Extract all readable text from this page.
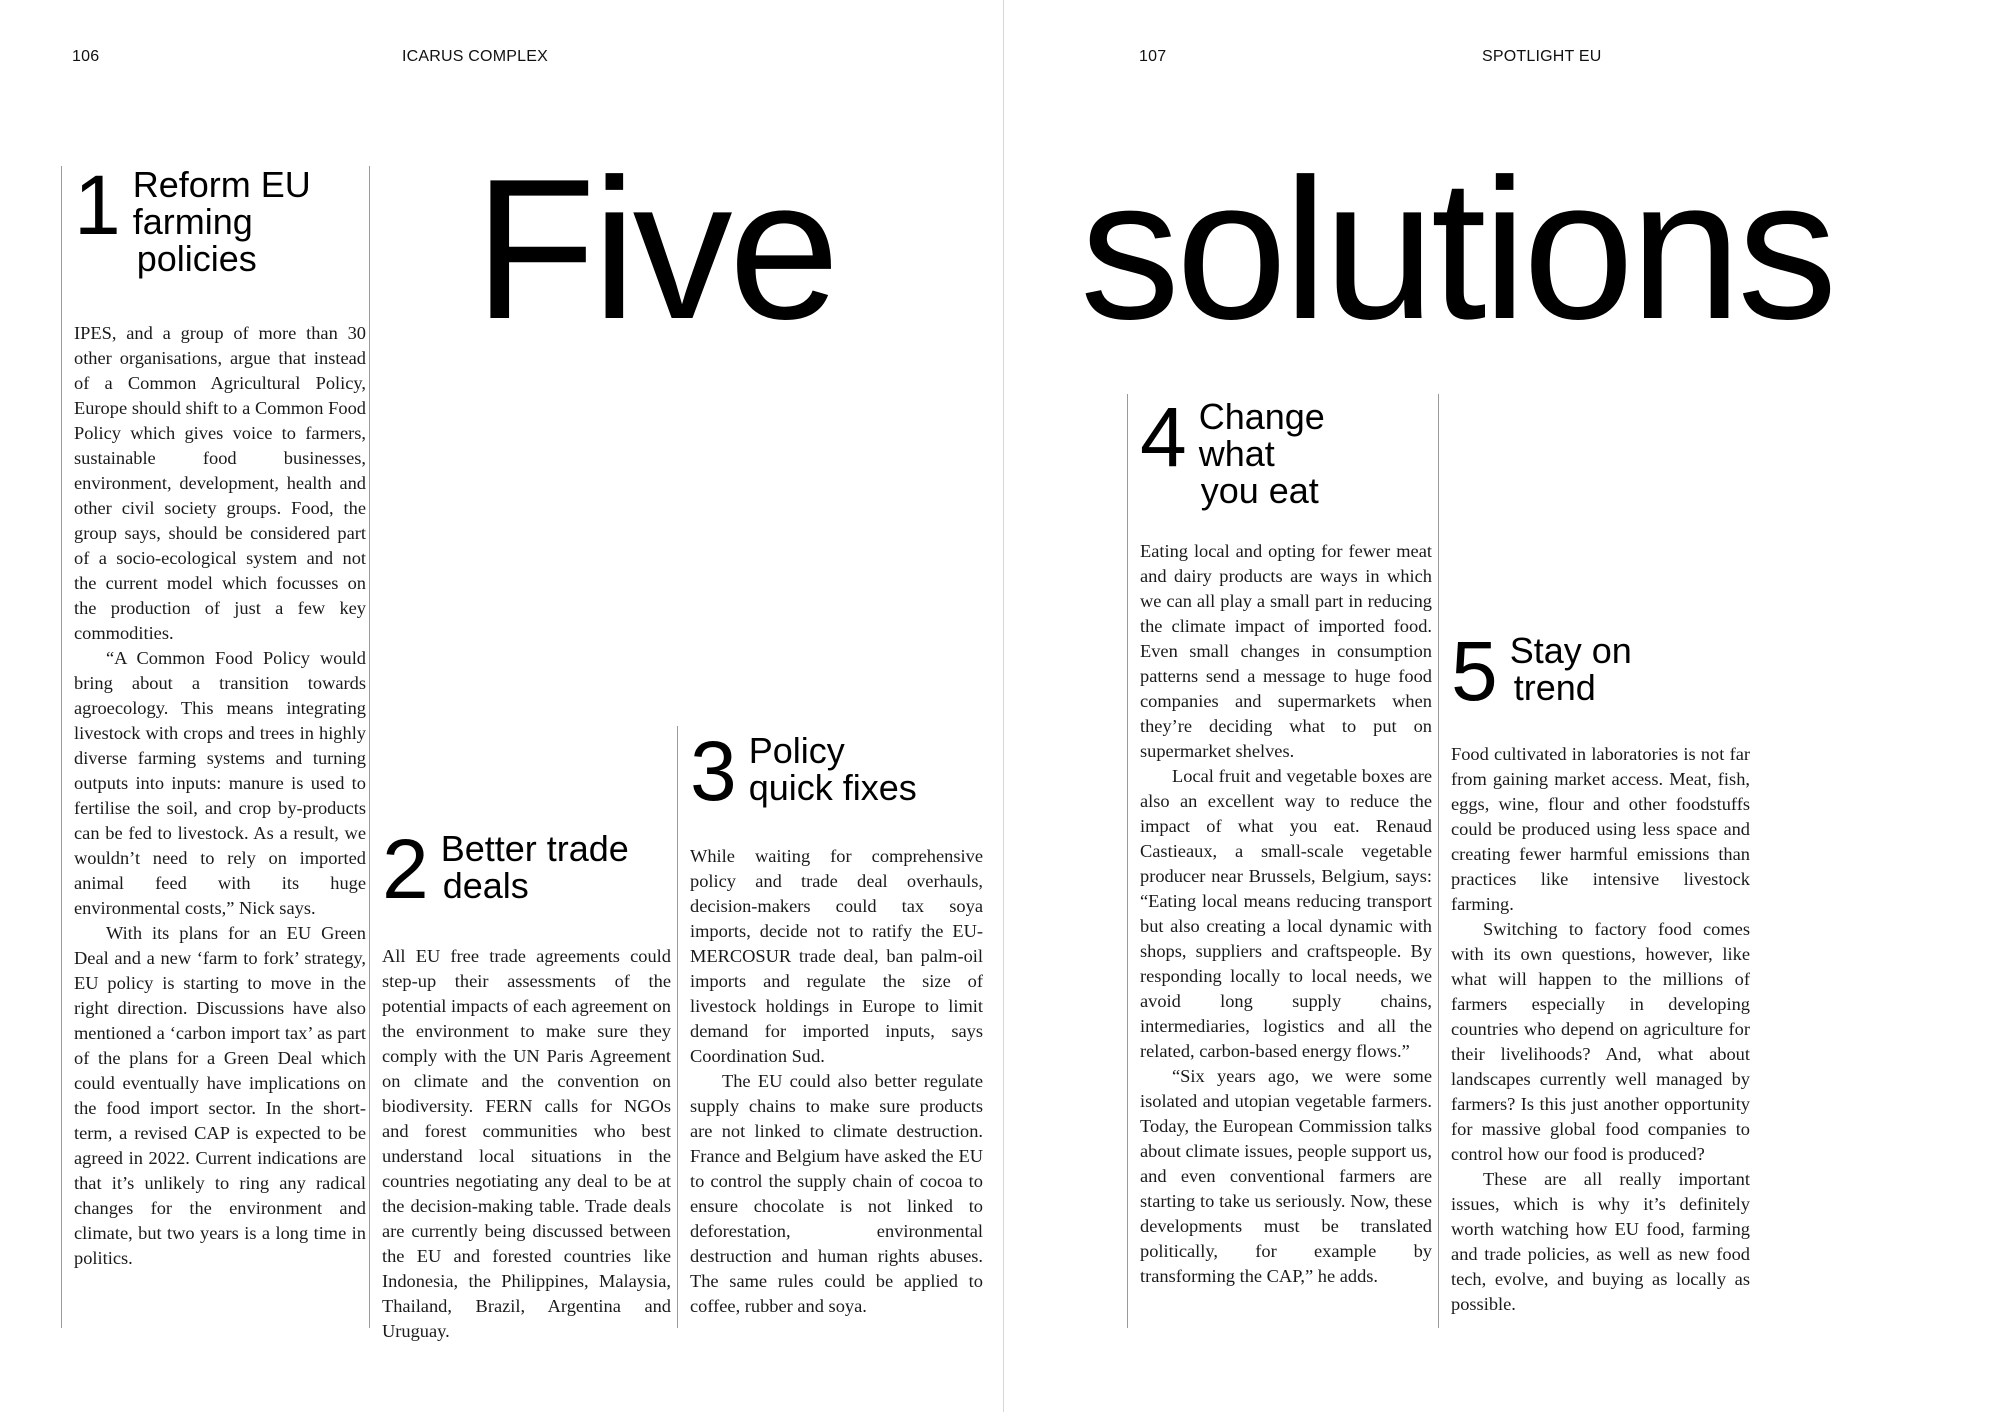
106	ICARUS COMPLEX
Five
1 Reform EU
farming
policies

IPES, and a group of more than 30 other organisations, argue that instead of a Common Agricultural Policy, Europe should shift to a Common Food Policy which gives voice to farmers, sustainable food businesses, environment, development, health and other civil society groups. Food, the group says, should be considered part of a socio-ecological system and not the current model which focusses on the production of just a few key commodities.

“A Common Food Policy would bring about a transition towards agroecology. This means integrating livestock with crops and trees in highly diverse farming systems and turning outputs into inputs: manure is used to fertilise the soil, and crop by-products can be fed to livestock. As a result, we wouldn’t need to rely on imported animal feed with its huge environmental costs,” Nick says.

With its plans for an EU Green Deal and a new ‘farm to fork’ strategy, EU policy is starting to move in the right direction. Discussions have also mentioned a ‘carbon import tax’ as part of the plans for a Green Deal which could eventually have implications on the food import sector. In the short-term, a revised CAP is expected to be agreed in 2022. Current indications are that it’s unlikely to ring any radical changes for the environment and climate, but two years is a long time in politics.

2 Better trade
deals

All EU free trade agreements could step-up their assessments of the potential impacts of each agreement on the environment to make sure they comply with the UN Paris Agreement on climate and the convention on biodiversity. FERN calls for NGOs and forest communities who best understand local situations in the countries negotiating any deal to be at the decision-making table. Trade deals are currently being discussed between the EU and forested countries like Indonesia, the Philippines, Malaysia, Thailand, Brazil, Argentina and Uruguay.

3 Policy
quick fixes

While waiting for comprehensive policy and trade deal overhauls, decision-makers could tax soya imports, decide not to ratify the EU-MERCOSUR trade deal, ban palm-oil imports and regulate the size of livestock holdings in Europe to limit demand for imported inputs, says Coordination Sud.

The EU could also better regulate supply chains to make sure products are not linked to climate destruction. France and Belgium have asked the EU to control the supply chain of cocoa to ensure chocolate is not linked to deforestation, environmental destruction and human rights abuses. The same rules could be applied to coffee, rubber and soya.

107	SPOTLIGHT EU
solutions
4 Change
what
you eat

Eating local and opting for fewer meat and dairy products are ways in which we can all play a small part in reducing the climate impact of imported food. Even small changes in consumption patterns send a message to huge food companies and supermarkets when they’re deciding what to put on supermarket shelves.

Local fruit and vegetable boxes are also an excellent way to reduce the impact of what you eat. Renaud Castieaux, a small-scale vegetable producer near Brussels, Belgium, says: “Eating local means reducing transport but also creating a local dynamic with shops, suppliers and craftspeople. By responding locally to local needs, we avoid long supply chains, intermediaries, logistics and all the related, carbon-based energy flows.”

“Six years ago, we were some isolated and utopian vegetable farmers. Today, the European Commission talks about climate issues, people support us, and even conventional farmers are starting to take us seriously. Now, these developments must be translated politically, for example by transforming the CAP,” he adds.

5 Stay on
trend

Food cultivated in laboratories is not far from gaining market access. Meat, fish, eggs, wine, flour and other foodstuffs could be produced using less space and creating fewer harmful emissions than practices like intensive livestock farming.

Switching to factory food comes with its own questions, however, like what will happen to the millions of farmers especially in developing countries who depend on agriculture for their livelihoods? And, what about landscapes currently well managed by farmers? Is this just another opportunity for massive global food companies to control how our food is produced?

These are all really important issues, which is why it’s definitely worth watching how EU food, farming and trade policies, as well as new food tech, evolve, and buying as locally as possible.
